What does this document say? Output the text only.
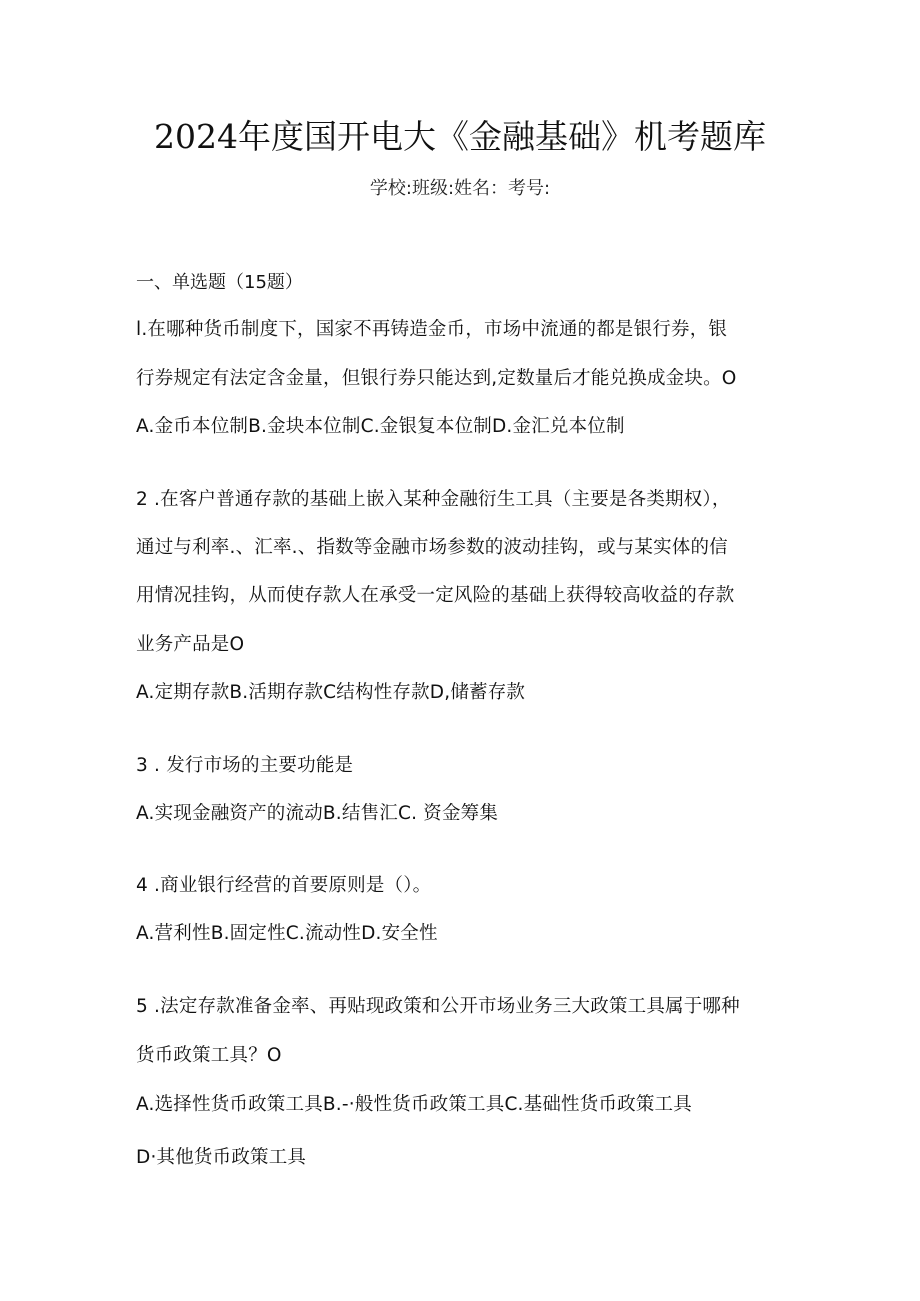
2024年度国开电大《金融基础》机考题库
学校:班级:姓名：考号:
一、单选题（15题）
l.在哪种货币制度下，国家不再铸造金币，市场中流通的都是银行券，银
行券规定有法定含金量，但银行券只能达到,定数量后才能兑换成金块。O
A.金币本位制B.金块本位制C.金银复本位制D.金汇兑本位制
2 .在客户普通存款的基础上嵌入某种金融衍生工具（主要是各类期权），
通过与利率.、汇率.、指数等金融市场参数的波动挂钩，或与某实体的信
用情况挂钩，从而使存款人在承受一定风险的基础上获得较高收益的存款
业务产品是O
A.定期存款B.活期存款C结构性存款D,储蓄存款
3 . 发行市场的主要功能是
A.实现金融资产的流动B.结售汇C. 资金筹集
4 .商业银行经营的首要原则是（）。
A.营利性B.固定性C.流动性D.安全性
5 .法定存款准备金率、再贴现政策和公开市场业务三大政策工具属于哪种
货币政策工具？O
A.选择性货币政策工具B.-·般性货币政策工具C.基础性货币政策工具
D·其他货币政策工具
